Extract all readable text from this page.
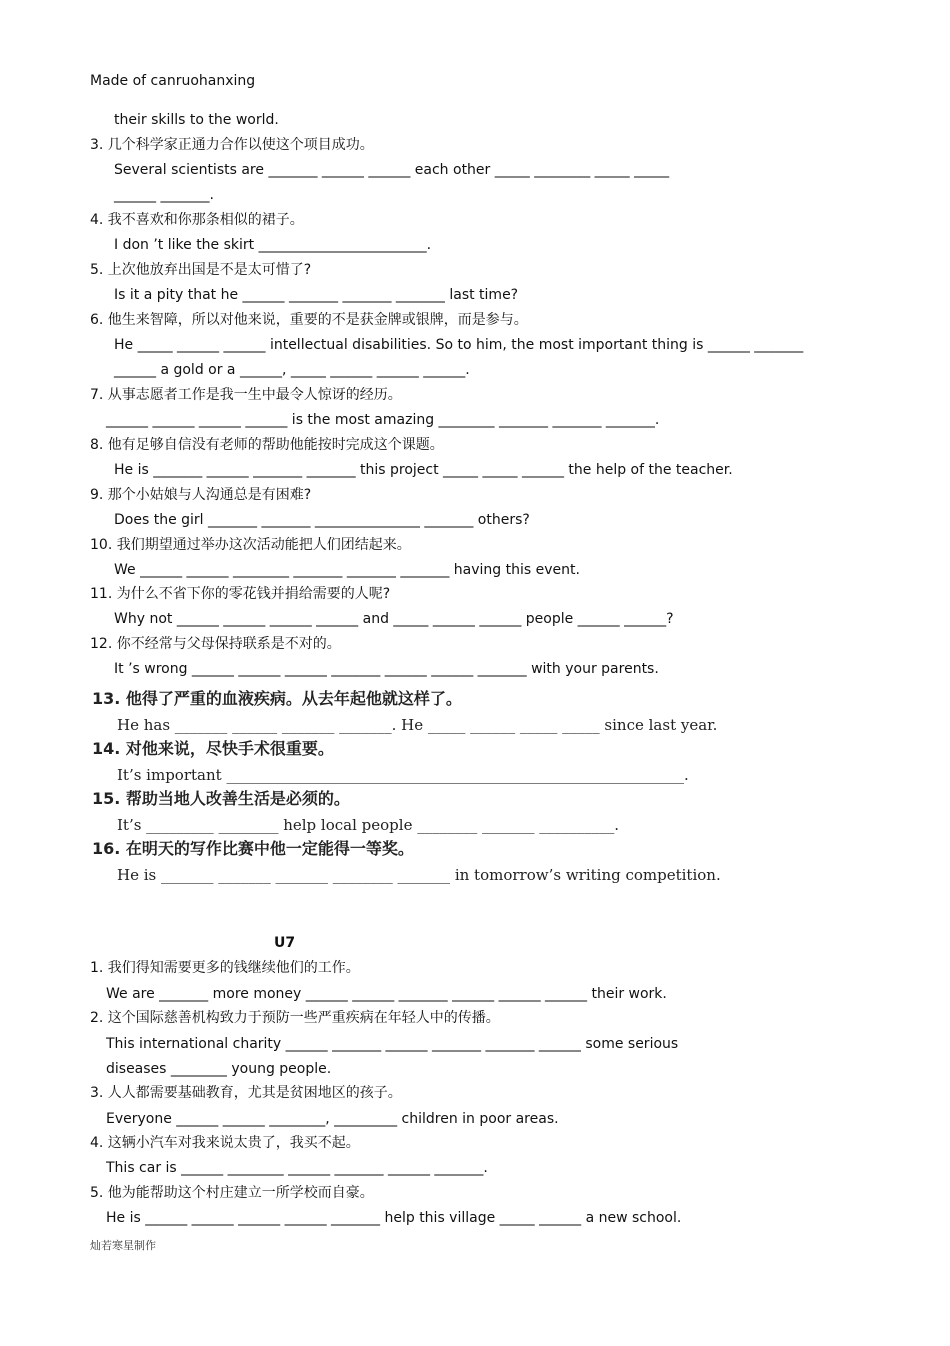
Made of canruohanxing
their skills to the world.
3. 几个科学家正通力合作以使这个项目成功。
Several scientists are _______ ______ ______ each other _____ ________ _____ _____
______ _______.
4. 我不喜欢和你那条相似的裙子。
I don ’t like the skirt ________________________.
5. 上次他放弃出国是不是太可惜了?
Is it a pity that he ______ _______ _______ _______ last time?
6. 他生来智障，所以对他来说，重要的不是获金牌或银牌，而是参与。
He _____ ______ ______ intellectual disabilities. So to him, the most important thing is ______ _______
______ a gold or a ______, _____ ______ ______ ______.
7. 从事志愿者工作是我一生中最令人惊讶的经历。
______ ______ ______ ______ is the most amazing ________ _______ _______ _______.
8. 他有足够自信没有老师的帮助他能按时完成这个课题。
He is _______ ______ _______ _______ this project _____ _____ ______ the help of the teacher.
9. 那个小姑娘与人沟通总是有困难?
Does the girl _______ _______ _______________ _______ others?
10. 我们期望通过举办这次活动能把人们团结起来。
We ______ ______ ________ _______ _______ _______ having this event.
11. 为什么不省下你的零花钱并捐给需要的人呢?
Why not ______ ______ ______ ______ and _____ ______ ______ people ______ ______?
12. 你不经常与父母保持联系是不对的。
It ’s wrong ______ ______ ______ _______ ______ ______ _______ with your parents.
13. 他得了严重的血液疾病。从去年起他就这样了。
He has _______ ______ _______ _______. He _____ ______ _____ _____ since last year.
14. 对他来说，尽快手术很重要。
It’s important _____________________________________________________________.
15. 帮助当地人改善生活是必须的。
It’s _________ ________ help local people ________ _______ __________.
16. 在明天的写作比赛中他一定能得一等奖。
He is _______ _______ _______ ________ _______ in tomorrow’s writing competition.
U7
1. 我们得知需要更多的钱继续他们的工作。
We are _______ more money ______ ______ _______ ______ ______ ______ their work.
2. 这个国际慈善机构致力于预防一些严重疾病在年轻人中的传播。
This international charity ______ _______ ______ _______ _______ ______ some serious
diseases ________ young people.
3. 人人都需要基础教育，尤其是贫困地区的孩子。
Everyone ______ ______ ________, _________ children in poor areas.
4. 这辆小汽车对我来说太贵了，我买不起。
This car is ______ ________ ______ _______ ______ _______.
5. 他为能帮助这个村庄建立一所学校而自豪。
He is ______ ______ ______ ______ _______ help this village _____ ______ a new school.
灿若寒星制作
